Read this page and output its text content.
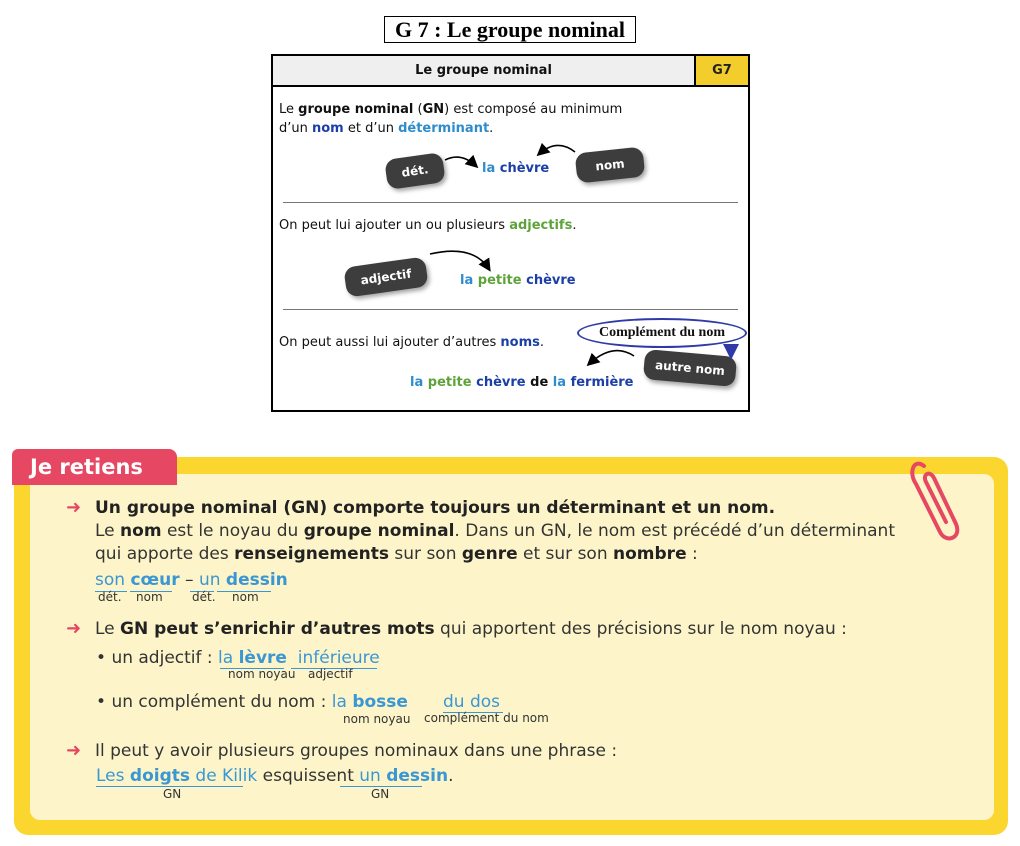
G 7 : Le groupe nominal
Le groupe nominal	G7
Le groupe nominal (GN) est composé au minimum
d’un nom et d’un déterminant.
dét.	nom
la chèvre
On peut lui ajouter un ou plusieurs adjectifs.
adjectif	la petite chèvre
On peut aussi lui ajouter d’autres noms.
Complément du nom
autre nom
la petite chèvre de la fermière
Je retiens
➜ Un groupe nominal (GN) comporte toujours un déterminant et un nom.
Le nom est le noyau du groupe nominal. Dans un GN, le nom est précédé d’un déterminant
qui apporte des renseignements sur son genre et sur son nombre :
son cœur – un dessin
dét. nom dét. nom
➜ Le GN peut s’enrichir d’autres mots qui apportent des précisions sur le nom noyau :
• un adjectif : la lèvre inférieure
nom noyau adjectif
• un complément du nom : la bosse du dos
nom noyau complément du nom
➜ Il peut y avoir plusieurs groupes nominaux dans une phrase :
Les doigts de Kilik esquissent un dessin.
GN	GN
